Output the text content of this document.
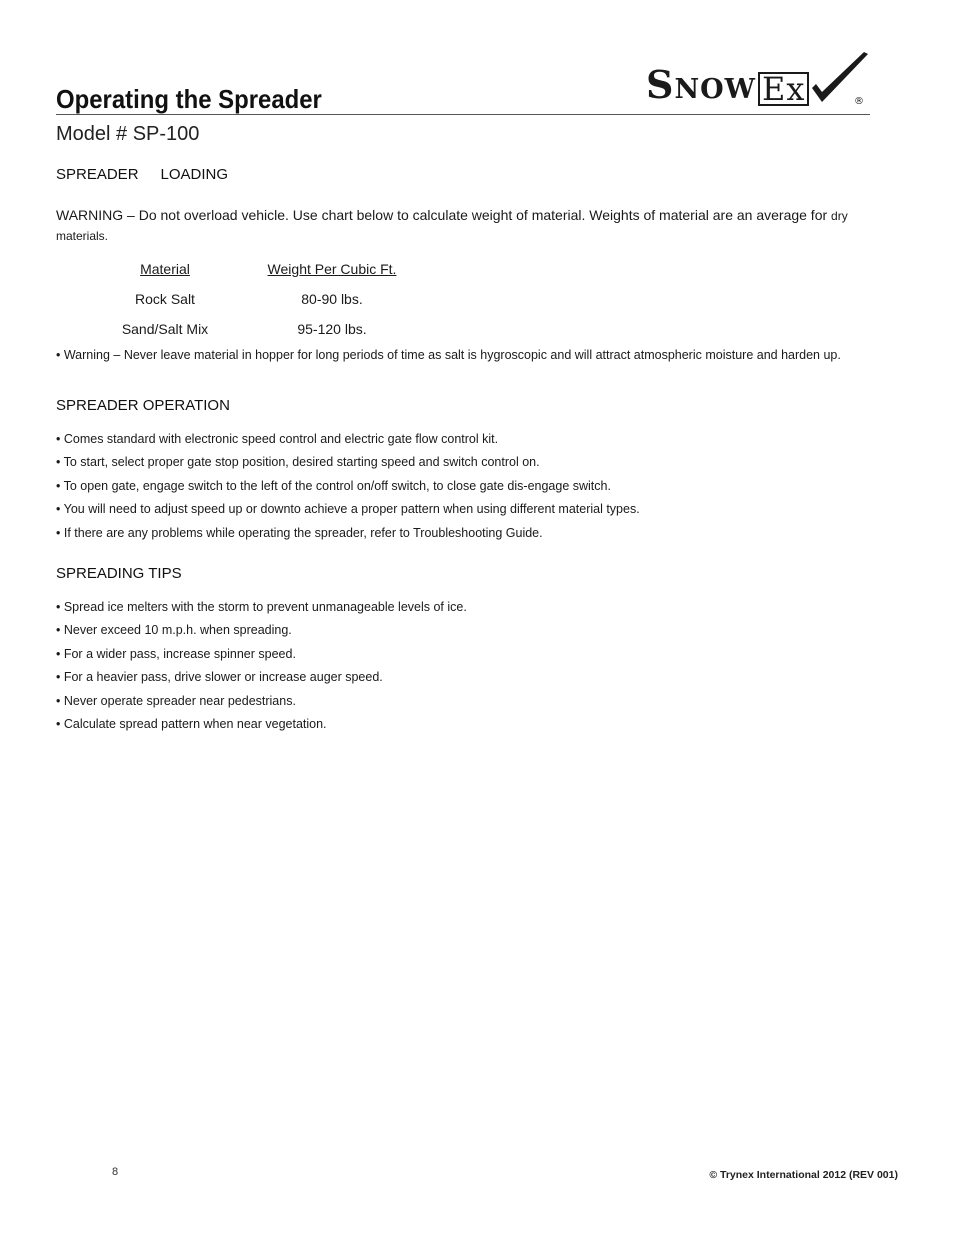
Snow Ex	®
Operating the Spreader
Model # SP-100
SPREADER LOADING
WARNING – Do not overload vehicle. Use chart below to calculate weight of material. Weights of material are an average for dry
materials.
Material	Weight Per Cubic Ft.
Rock Salt	80-90 lbs.
Sand/Salt Mix	95-120 lbs.
• Warning – Never leave material in hopper for long periods of time as salt is hygroscopic and will attract atmospheric moisture and harden up.
SPREADER OPERATION
• Comes standard with electronic speed control and electric gate flow control kit.
• To start, select proper gate stop position, desired starting speed and switch control on.
• To open gate, engage switch to the left of the control on/off switch, to close gate dis-engage switch.
• You will need to adjust speed up or downto achieve a proper pattern when using different material types.
• If there are any problems while operating the spreader, refer to Troubleshooting Guide.
SPREADING TIPS
• Spread ice melters with the storm to prevent unmanageable levels of ice.
• Never exceed 10 m.p.h. when spreading.
• For a wider pass, increase spinner speed.
• For a heavier pass, drive slower or increase auger speed.
• Never operate spreader near pedestrians.
• Calculate spread pattern when near vegetation.
8	© Trynex International 2012 (REV 001)
